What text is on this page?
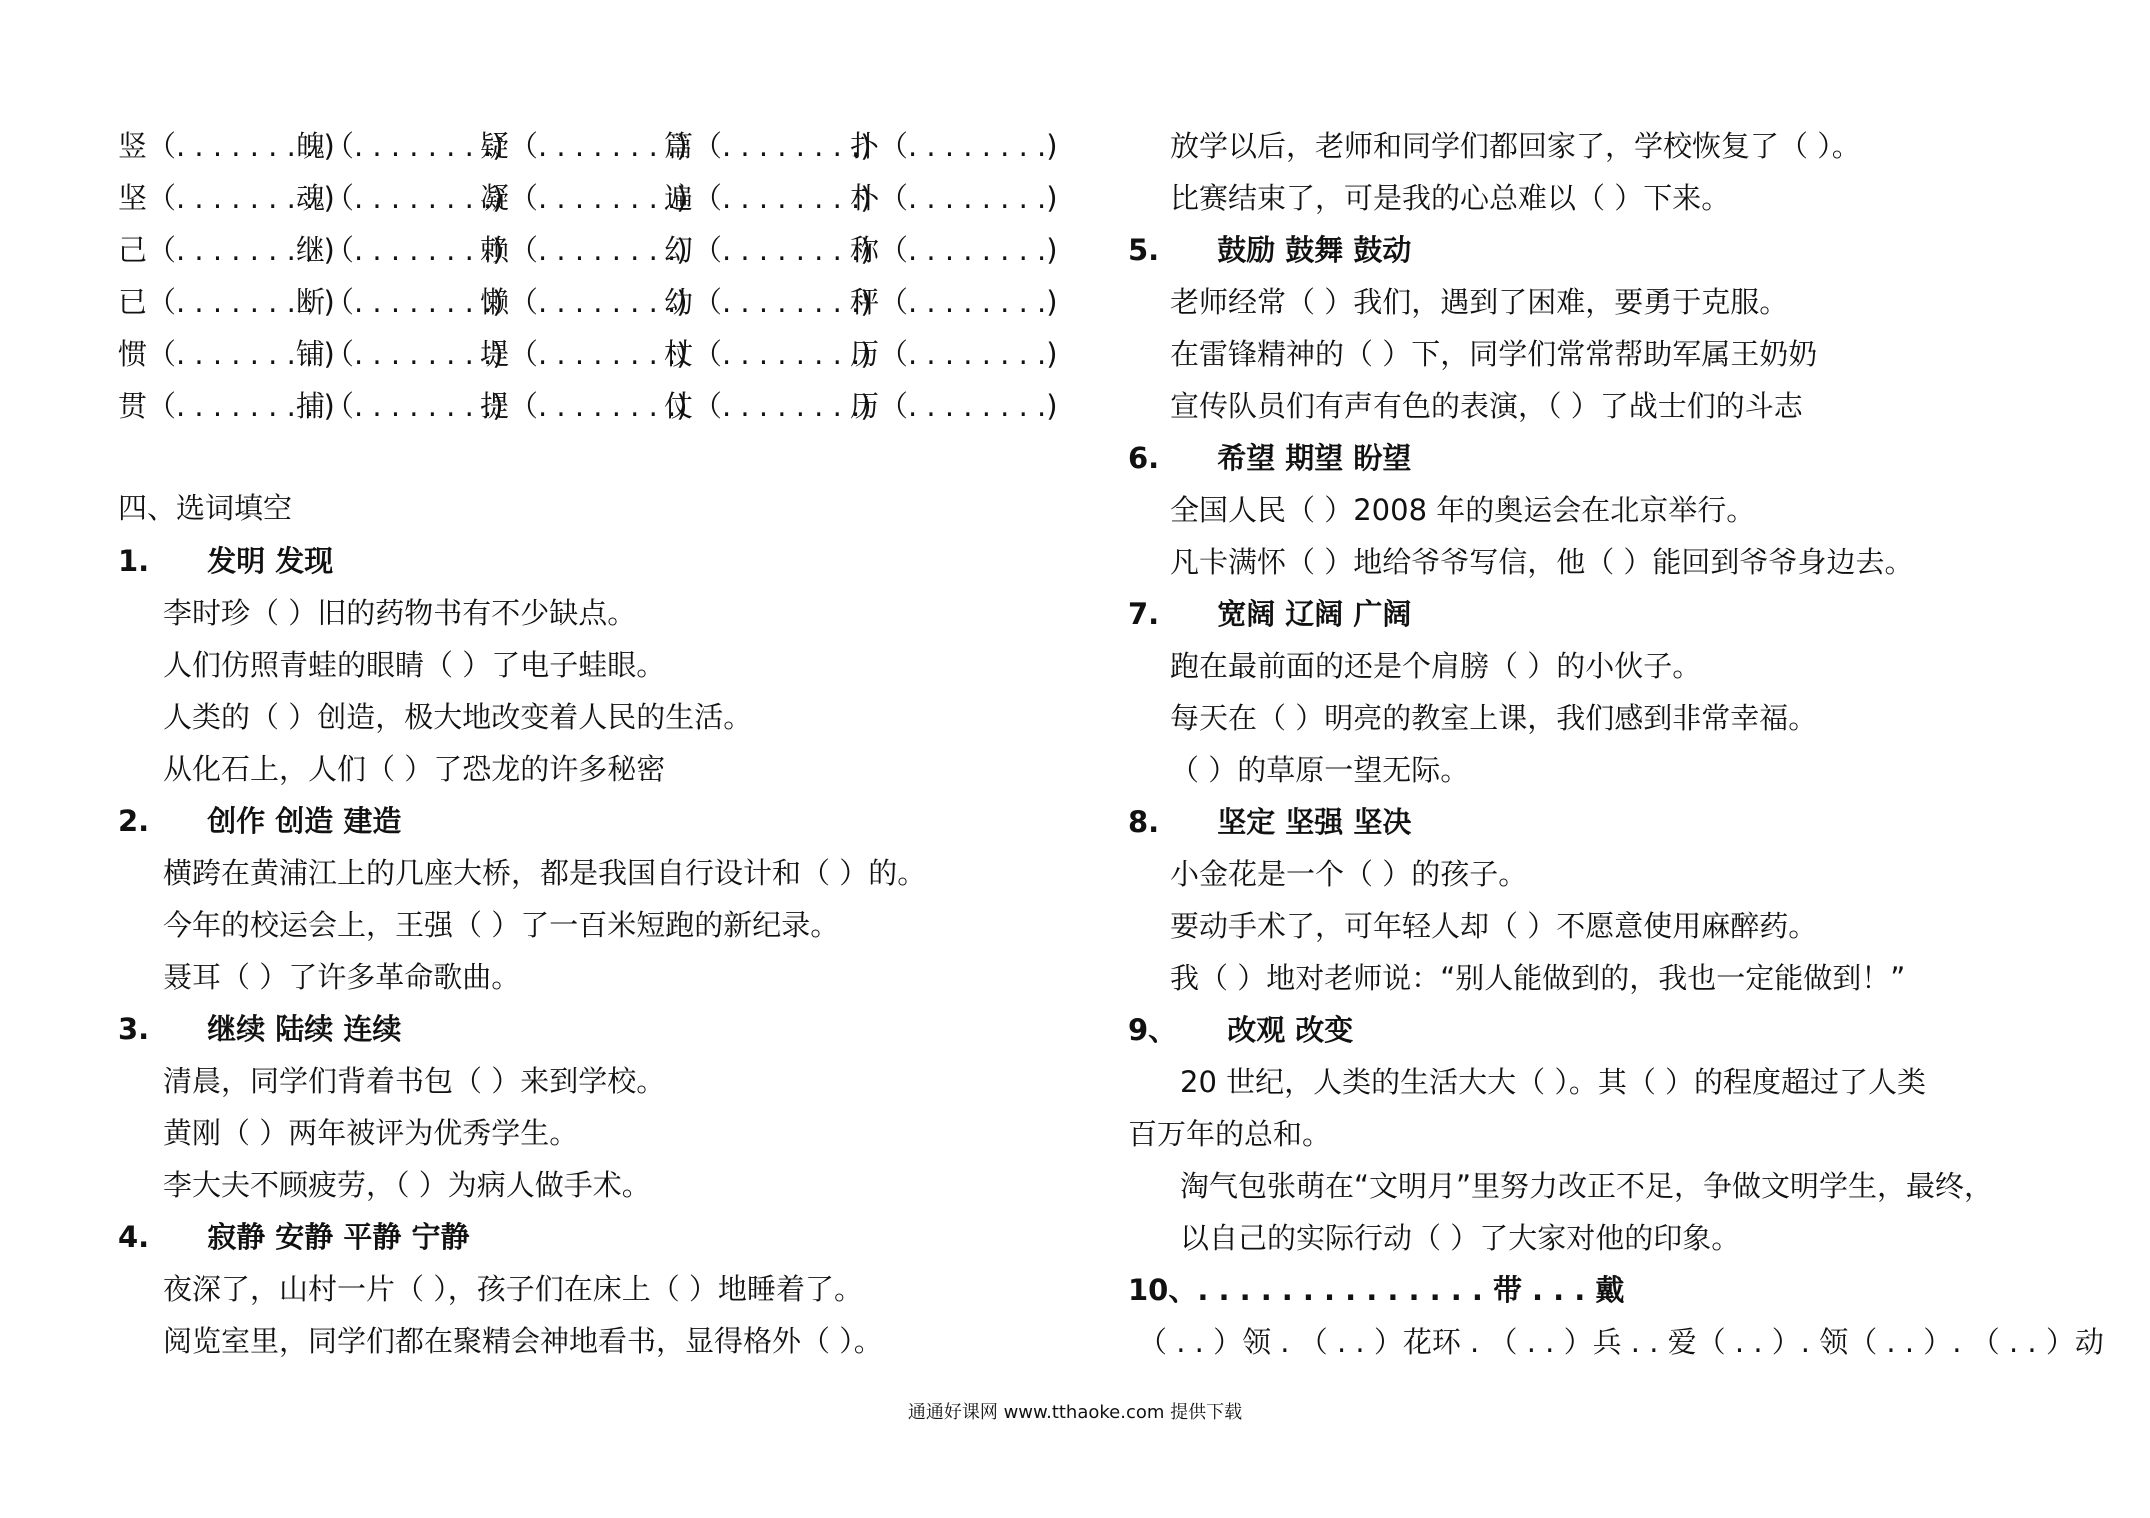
竖（. . . . . . . . )魄（. . . . . . . .)疑（. . . . . . . .)篇（. . . . . . . .)扑（. . . . . . . .)
坚（. . . . . . . . )魂（. . . . . . . .)凝（. . . . . . . .)遍（. . . . . . . .)朴（. . . . . . . .)
己（. . . . . . . . )继（. . . . . . . .)赖（. . . . . . . .)幻（. . . . . . . .)称（. . . . . . . .)
已（. . . . . . . . )断（. . . . . . . .)懒（. . . . . . . .)幼（. . . . . . . .)秤（. . . . . . . .)
惯（. . . . . . . . )铺（. . . . . . . .)堤（. . . . . . . .)杖（. . . . . . . .)历（. . . . . . . .)
贯（. . . . . . . . )捕（. . . . . . . .)提（. . . . . . . .)仗（. . . . . . . .)历（. . . . . . . .)
四、选词填空
1. 发明 发现
李时珍（ ）旧的药物书有不少缺点。
人们仿照青蛙的眼睛（ ）了电子蛙眼。
人类的（ ）创造，极大地改变着人民的生活。
从化石上，人们（ ）了恐龙的许多秘密
2. 创作 创造 建造
横跨在黄浦江上的几座大桥，都是我国自行设计和（ ）的。
今年的校运会上，王强（ ）了一百米短跑的新纪录。
聂耳（ ）了许多革命歌曲。
3. 继续 陆续 连续
清晨，同学们背着书包（ ）来到学校。
黄刚（ ）两年被评为优秀学生。
李大夫不顾疲劳，（ ）为病人做手术。
4. 寂静 安静 平静 宁静
夜深了，山村一片（ ），孩子们在床上（ ）地睡着了。
阅览室里，同学们都在聚精会神地看书，显得格外（ ）。
放学以后，老师和同学们都回家了，学校恢复了（ ）。
比赛结束了，可是我的心总难以（ ）下来。
5. 鼓励 鼓舞 鼓动
老师经常（ ）我们，遇到了困难，要勇于克服。
在雷锋精神的（ ）下，同学们常常帮助军属王奶奶
宣传队员们有声有色的表演，（ ）了战士们的斗志
6. 希望 期望 盼望
全国人民（ ）2008 年的奥运会在北京举行。
凡卡满怀（ ）地给爷爷写信，他（ ）能回到爷爷身边去。
7. 宽阔 辽阔 广阔
跑在最前面的还是个肩膀（ ）的小伙子。
每天在（ ）明亮的教室上课，我们感到非常幸福。
（ ）的草原一望无际。
8. 坚定 坚强 坚决
小金花是一个（ ）的孩子。
要动手术了，可年轻人却（ ）不愿意使用麻醉药。
我（ ）地对老师说：“别人能做到的，我也一定能做到！”
9、 改观 改变
20 世纪，人类的生活大大（ ）。其（ ）的程度超过了人类
百万年的总和。
淘气包张萌在“文明月”里努力改正不足，争做文明学生，最终，
以自己的实际行动（ ）了大家对他的印象。
10、. . . . . . . . . . . . . . 带 . . . 戴
（ . . ）领 . （ . . ）花环 . （ . . ）兵 . . 爱（ . . ）. 领（ . . ）. （ . . ）动
通通好课网 www.tthaoke.com 提供下载
